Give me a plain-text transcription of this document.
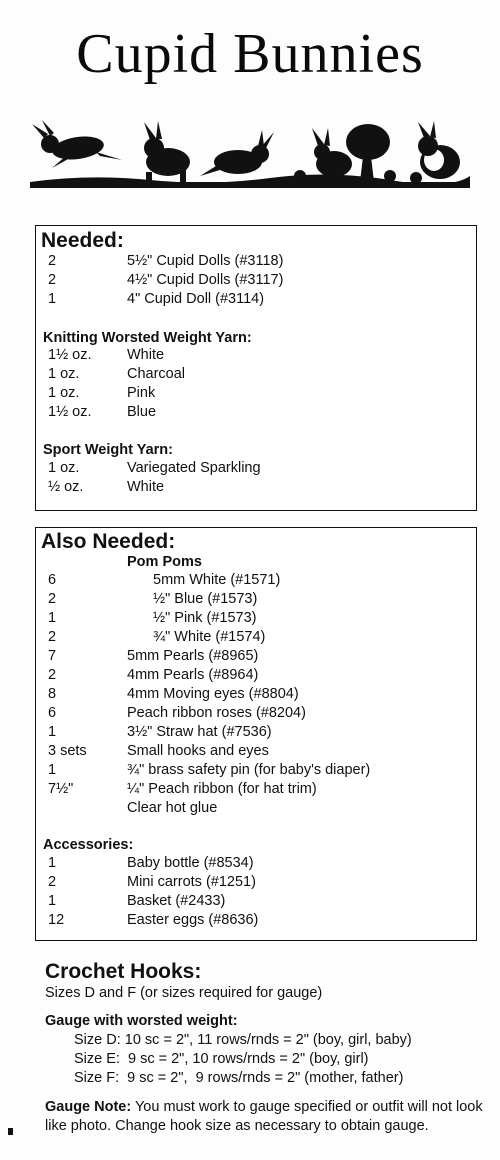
Cupid Bunnies
Needed:
2	5½" Cupid Dolls (#3118)
2	4½" Cupid Dolls (#3117)
1	4" Cupid Doll (#3114)
Knitting Worsted Weight Yarn:
1½ oz. White
1 oz.	Charcoal
1 oz.	Pink
1½ oz. Blue
Sport Weight Yarn:
1 oz.	Variegated Sparkling
½ oz.	White
Also Needed:
Pom Poms
6	5mm White (#1571)
2	½" Blue (#1573)
1	½" Pink (#1573)
2	¾" White (#1574)
7	5mm Pearls (#8965)
2	4mm Pearls (#8964)
8	4mm Moving eyes (#8804)
6	Peach ribbon roses (#8204)
1	3½" Straw hat (#7536)
3 sets	Small hooks and eyes
1	¾" brass safety pin (for baby's diaper)
7½"	¼" Peach ribbon (for hat trim)
Clear hot glue
Accessories:
1	Baby bottle (#8534)
2	Mini carrots (#1251)
1	Basket (#2433)
12	Easter eggs (#8636)
Crochet Hooks:
Sizes D and F (or sizes required for gauge)
Gauge with worsted weight:
Size D: 10 sc = 2", 11 rows/rnds = 2" (boy, girl, baby)
Size E:  9 sc = 2", 10 rows/rnds = 2" (boy, girl)
Size F:  9 sc = 2",  9 rows/rnds = 2" (mother, father)
Gauge Note: You must work to gauge specified or outfit will not look like photo. Change hook size as necessary to obtain gauge.
